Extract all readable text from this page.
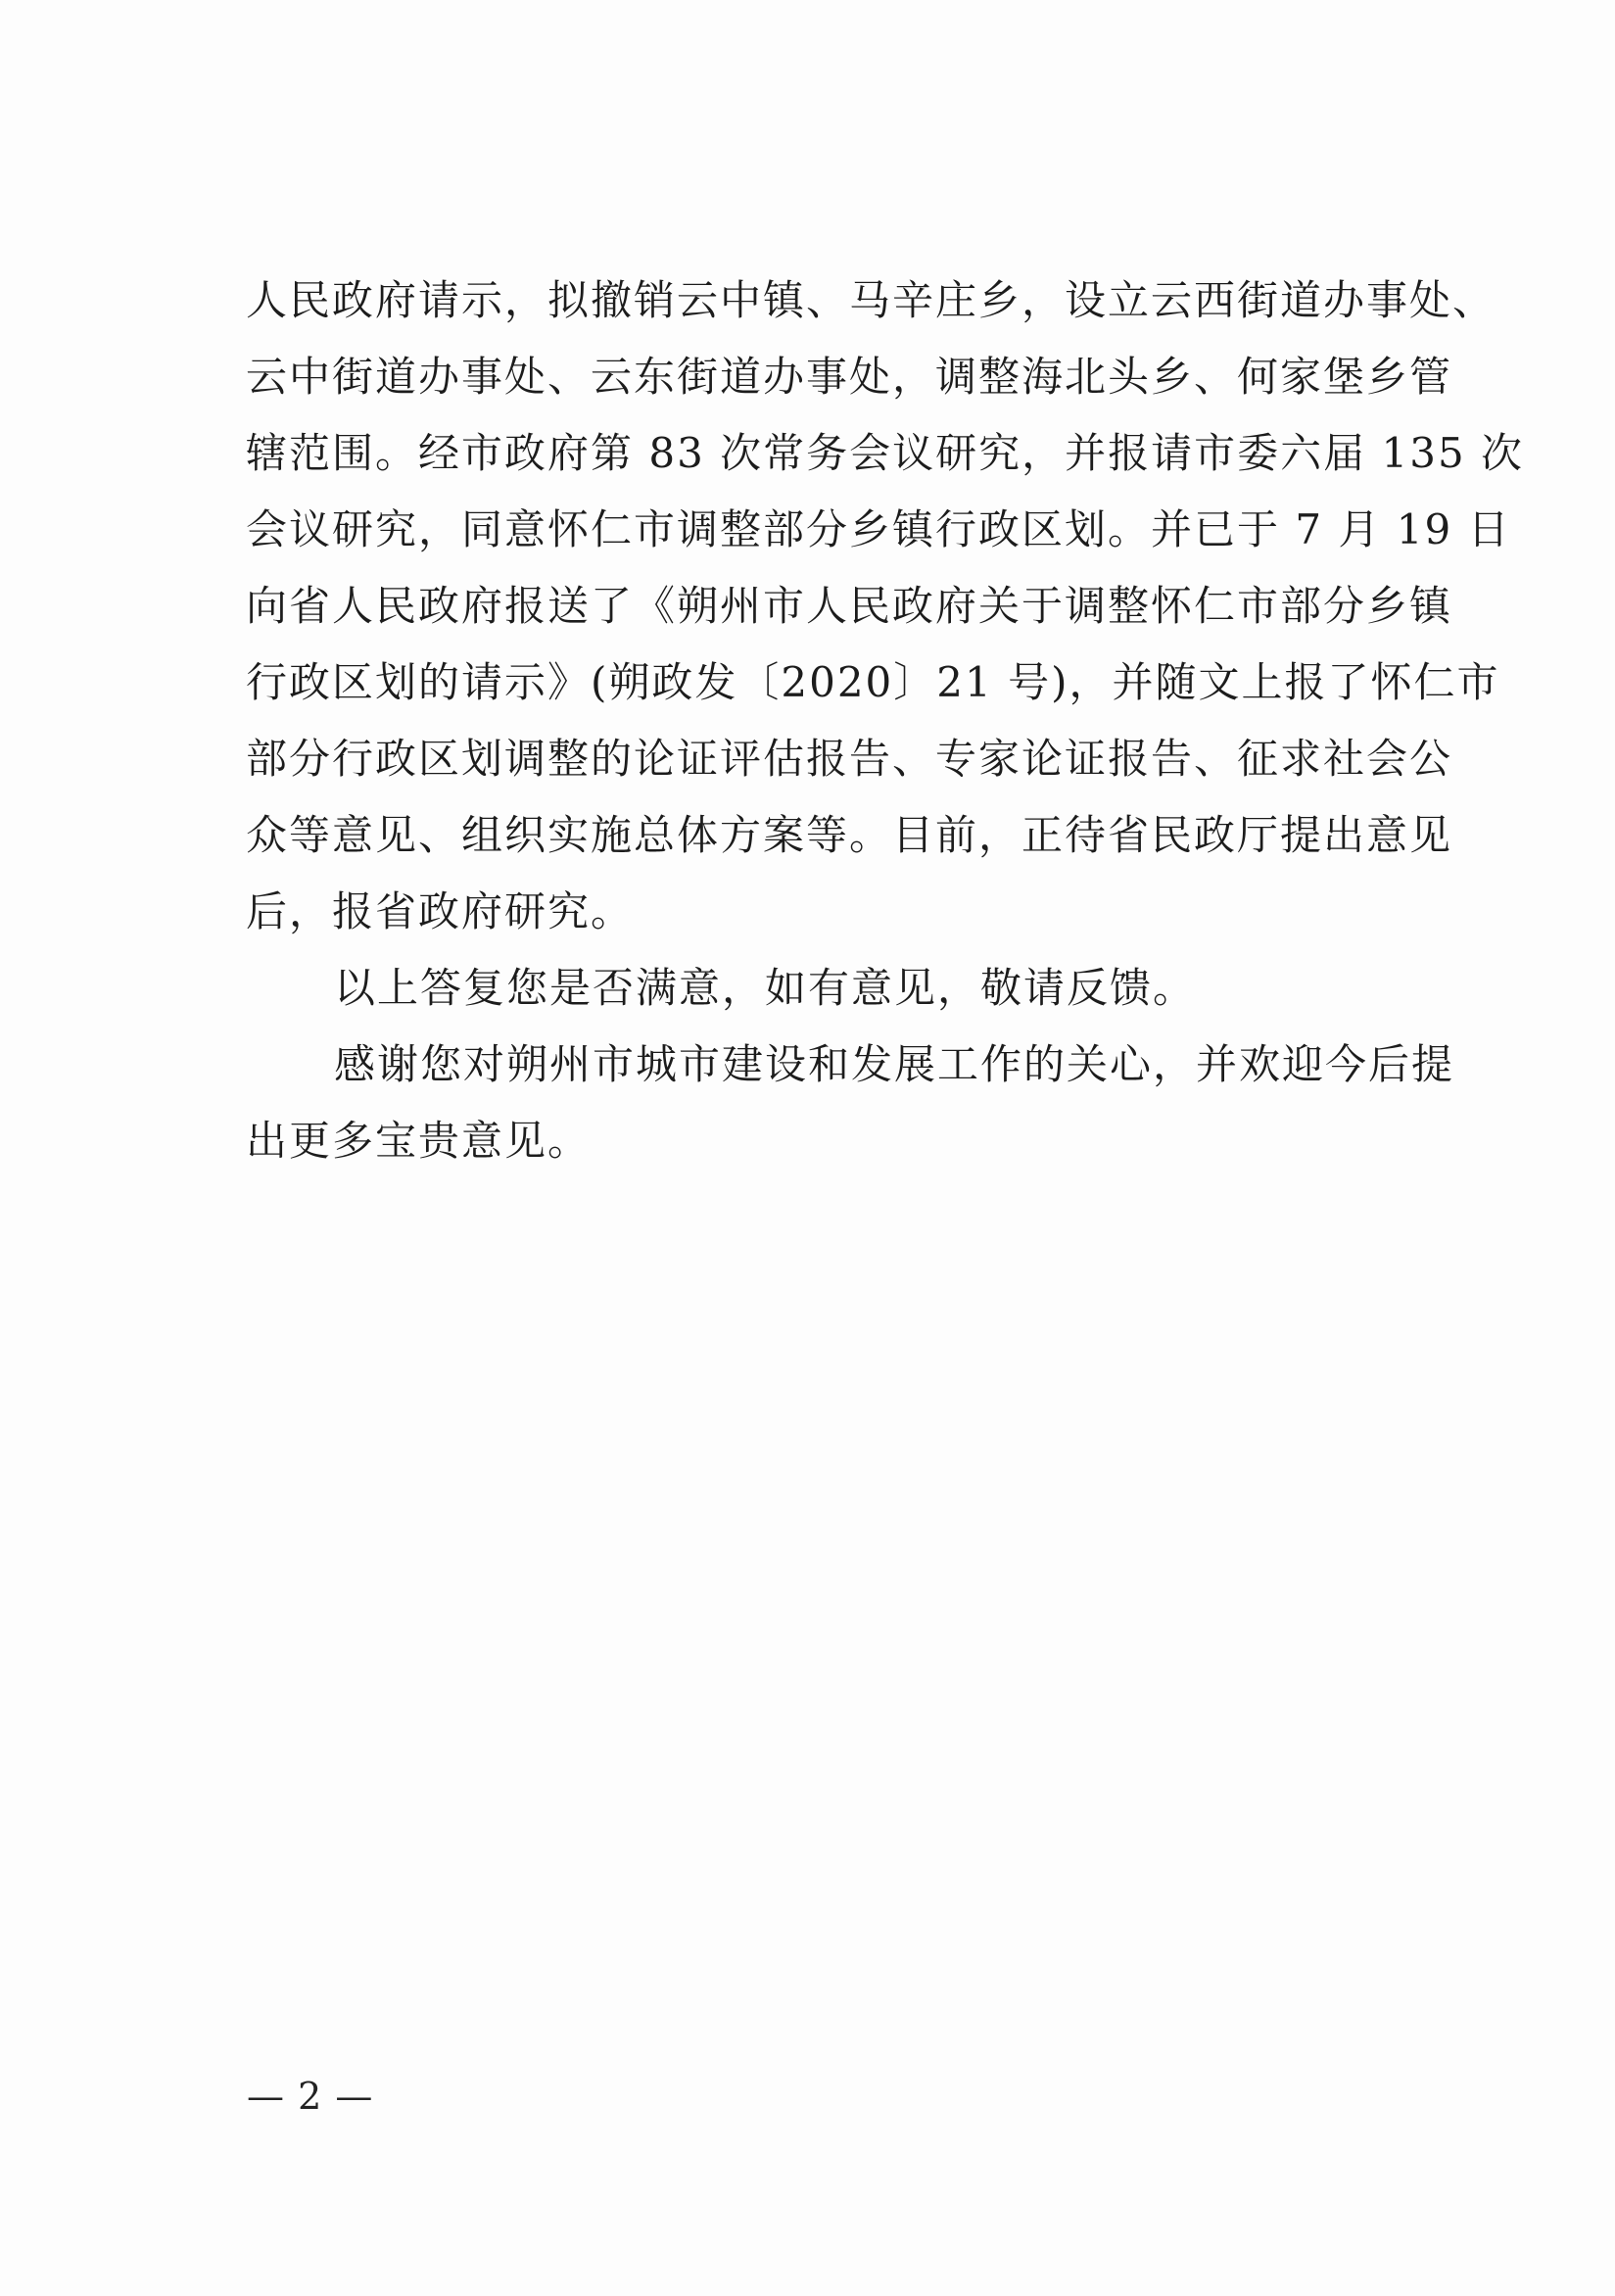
人民政府请示，拟撤销云中镇、马辛庄乡，设立云西街道办事处、
云中街道办事处、云东街道办事处，调整海北头乡、何家堡乡管
辖范围。经市政府第 83 次常务会议研究，并报请市委六届 135 次
会议研究，同意怀仁市调整部分乡镇行政区划。并已于 7 月 19 日
向省人民政府报送了《朔州市人民政府关于调整怀仁市部分乡镇
行政区划的请示》(朔政发〔2020〕21 号)，并随文上报了怀仁市
部分行政区划调整的论证评估报告、专家论证报告、征求社会公
众等意见、组织实施总体方案等。目前，正待省民政厅提出意见
后，报省政府研究。
以上答复您是否满意，如有意见，敬请反馈。
感谢您对朔州市城市建设和发展工作的关心，并欢迎今后提
出更多宝贵意见。
— 2 —
